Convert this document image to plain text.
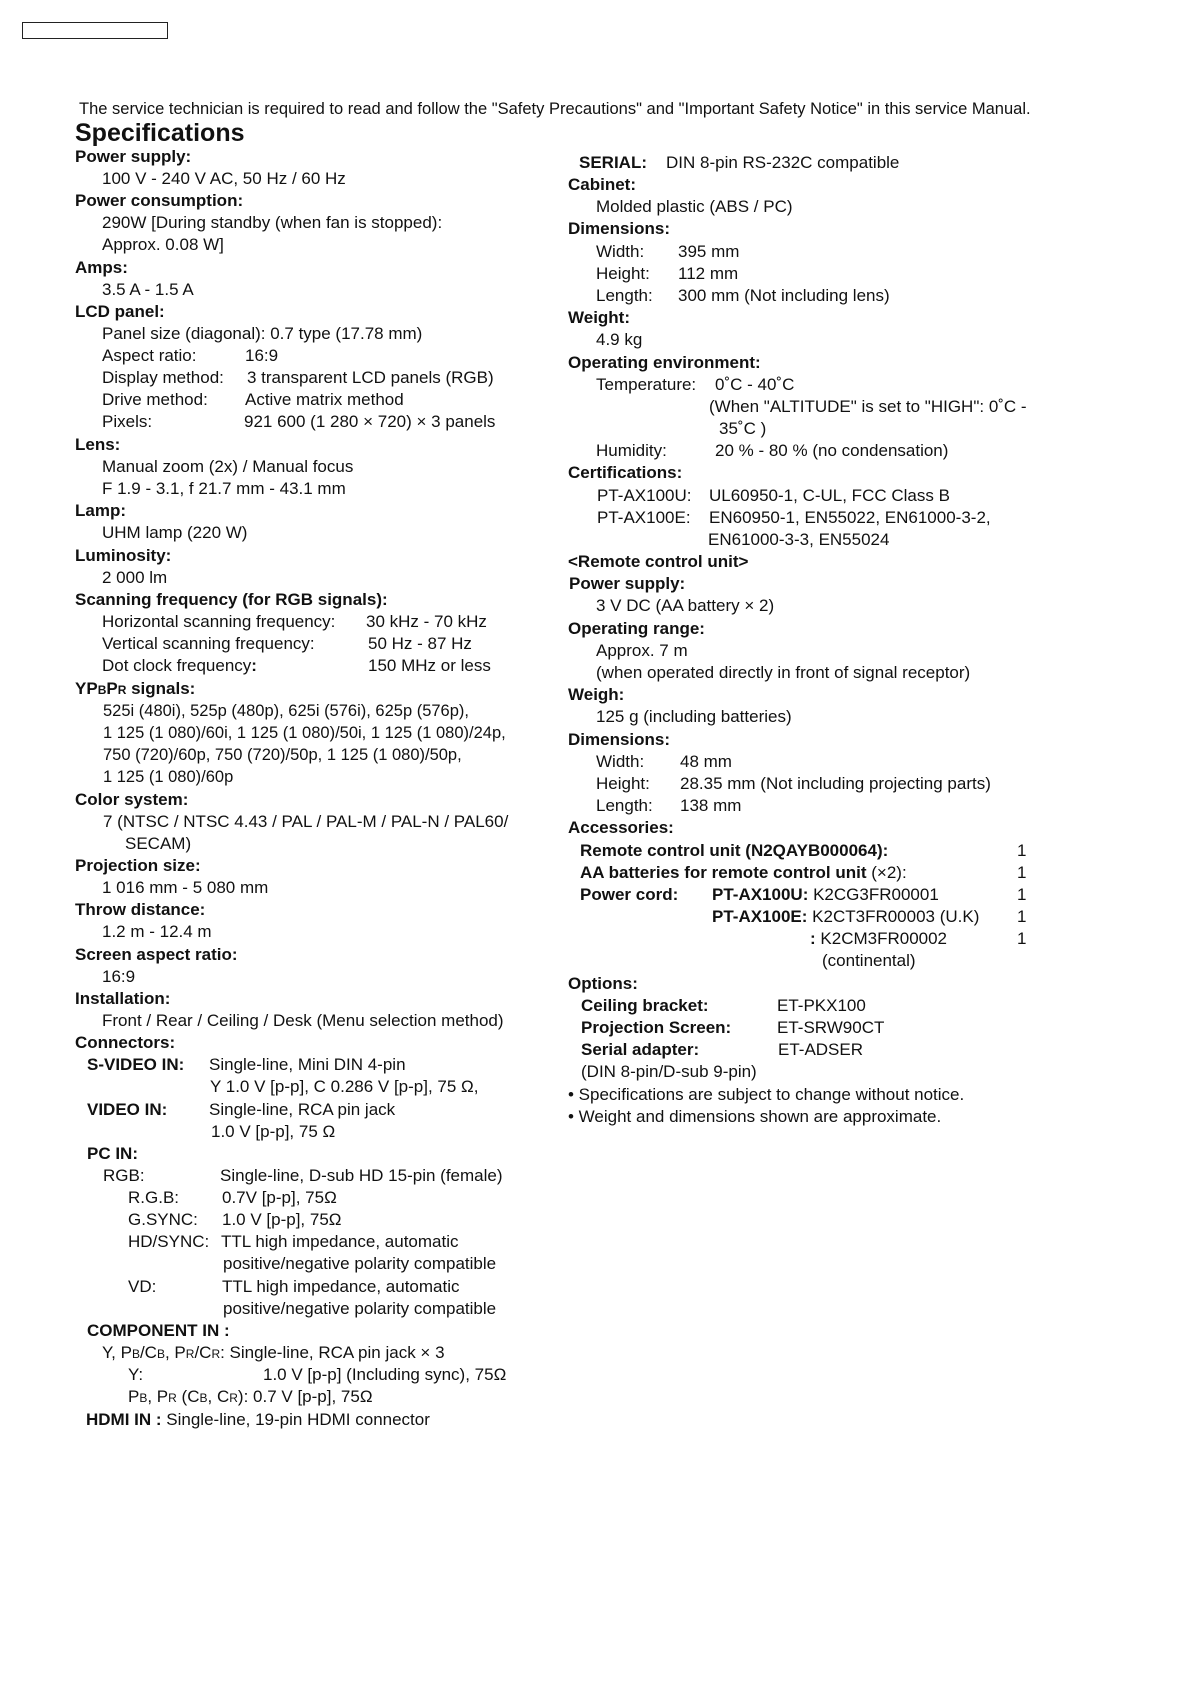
The service technician is required to read and follow the "Safety Precautions" and "Important Safety Notice" in this service Manual.
Specifications
Power supply:
100 V - 240 V AC, 50 Hz / 60 Hz
Power consumption:
290W [During standby (when fan is stopped):
Approx. 0.08 W]
Amps:
3.5 A - 1.5 A
LCD panel:
Panel size (diagonal): 0.7 type (17.78 mm)
Aspect ratio:	16:9
Display method: 3 transparent LCD panels (RGB)
Drive method: Active matrix method
Pixels:	921 600 (1 280 × 720) × 3 panels
Lens:
Manual zoom (2x) / Manual focus
F 1.9 - 3.1, f 21.7 mm - 43.1 mm
Lamp:
UHM lamp (220 W)
Luminosity:
2 000 lm
Scanning frequency (for RGB signals):
Horizontal scanning frequency: 30 kHz - 70 kHz
Vertical scanning frequency:	50 Hz - 87 Hz
Dot clock frequency:	150 MHz or less
YPBPR signals:
525i (480i), 525p (480p), 625i (576i), 625p (576p),
1 125 (1 080)/60i, 1 125 (1 080)/50i, 1 125 (1 080)/24p,
750 (720)/60p, 750 (720)/50p, 1 125 (1 080)/50p,
1 125 (1 080)/60p
Color system:
7 (NTSC / NTSC 4.43 / PAL / PAL-M / PAL-N / PAL60/
SECAM)
Projection size:
1 016 mm - 5 080 mm
Throw distance:
1.2 m - 12.4 m
Screen aspect ratio:
16:9
Installation:
Front / Rear / Ceiling / Desk (Menu selection method)
Connectors:
S-VIDEO IN: Single-line, Mini DIN 4-pin
Y 1.0 V [p-p], C 0.286 V [p-p], 75 Ω,
VIDEO IN: Single-line, RCA pin jack
1.0 V [p-p], 75 Ω
PC IN:
RGB:	Single-line, D-sub HD 15-pin (female)
R.G.B:	0.7V [p-p], 75Ω
G.SYNC: 1.0 V [p-p], 75Ω
HD/SYNC: TTL high impedance, automatic
positive/negative polarity compatible
VD:	TTL high impedance, automatic
positive/negative polarity compatible
COMPONENT IN :
Y, PB/CB, PR/CR: Single-line, RCA pin jack × 3
Y:	1.0 V [p-p] (Including sync), 75Ω
PB, PR (CB, CR): 0.7 V [p-p], 75Ω
HDMI IN : Single-line, 19-pin HDMI connector
SERIAL: DIN 8-pin RS-232C compatible
Cabinet:
Molded plastic (ABS / PC)
Dimensions:
Width: 395 mm
Height: 112 mm
Length: 300 mm (Not including lens)
Weight:
4.9 kg
Operating environment:
Temperature: 0˚C - 40˚C
(When "ALTITUDE" is set to "HIGH": 0˚C -
35˚C )
Humidity:	20 % - 80 % (no condensation)
Certifications:
PT-AX100U: UL60950-1, C-UL, FCC Class B
PT-AX100E: EN60950-1, EN55022, EN61000-3-2,
EN61000-3-3, EN55024
<Remote control unit>
Power supply:
3 V DC (AA battery × 2)
Operating range:
Approx. 7 m
(when operated directly in front of signal receptor)
Weigh:
125 g (including batteries)
Dimensions:
Width: 48 mm
Height: 28.35 mm (Not including projecting parts)
Length: 138 mm
Accessories:
Remote control unit (N2QAYB000064):	1
AA batteries for remote control unit (×2):	1
Power cord: PT-AX100U: K2CG3FR00001	1
PT-AX100E: K2CT3FR00003 (U.K) 1
: K2CM3FR00002	1
(continental)
Options:
Ceiling bracket:	ET-PKX100
Projection Screen:	ET-SRW90CT
Serial adapter:	ET-ADSER
(DIN 8-pin/D-sub 9-pin)
• Specifications are subject to change without notice.
• Weight and dimensions shown are approximate.
